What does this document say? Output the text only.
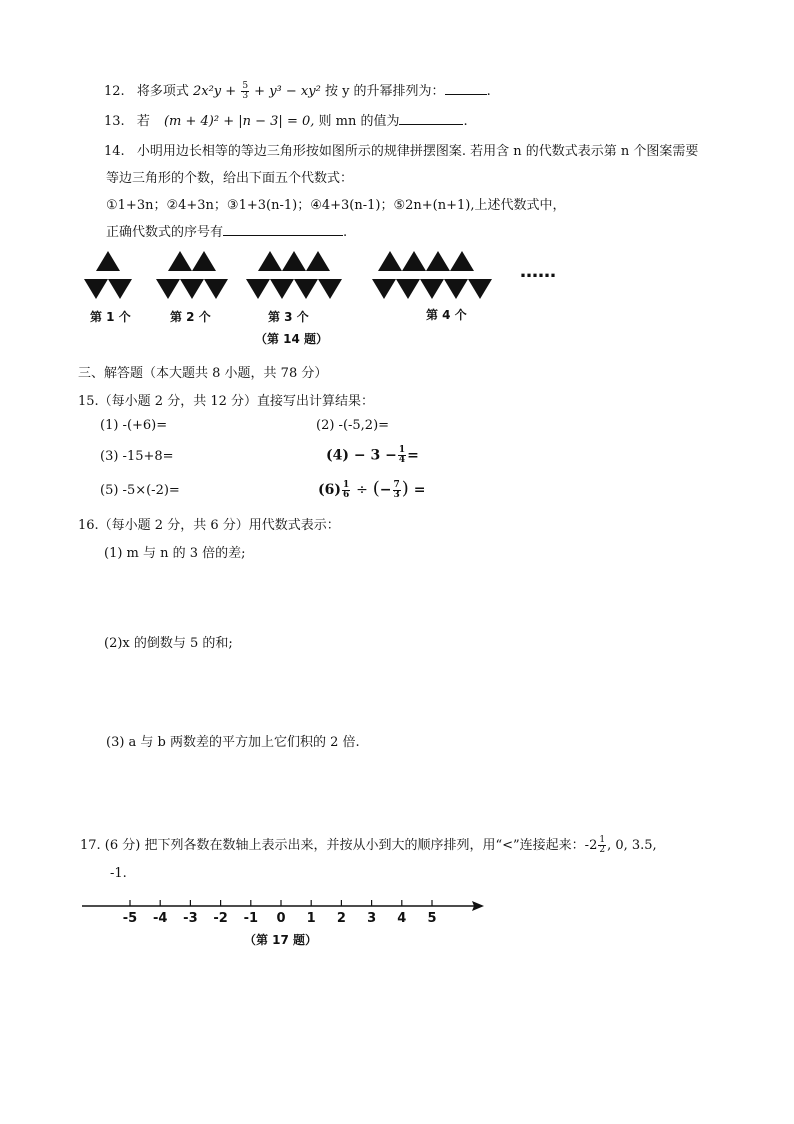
12. 将多项式 $2x^2y + \frac{5}{3} + y^3 - xy^2$ 按 y 的升幂排列为：	.
13. 若 (m + 4)² + |n − 3| = 0, 则 mn 的值为	.
14. 小明用边长相等的等边三角形按如图所示的规律拼摆图案. 若用含 n 的代数式表示第 n 个图案需要
等边三角形的个数，给出下面五个代数式：
①1+3n；②4+3n；③1+3(n-1)；④4+3(n-1)；⑤2n+(n+1),上述代数式中，
正确代数式的序号有	.
……
第 1 个	第 2 个	第 3 个	第 4 个
（第 14 题）
三、解答题（本大题共 8 小题，共 78 分）
15.（每小题 2 分，共 12 分）直接写出计算结果：
(1) -(+6)=	(2) -(-5,2)=
(3) -15+8=	$(4) - 3 - \frac{1}{4}$ =
(5) -5×(-2)=	$(6) \frac{1}{6}$ ÷ (− $\frac{7}{3}$ ) =
16.（每小题 2 分，共 6 分）用代数式表示：
(1) m 与 n 的 3 倍的差;
(2)x 的倒数与 5 的和;
(3) a 与 b 两数差的平方加上它们积的 2 倍.
17. (6 分) 把下列各数在数轴上表示出来，并按从小到大的顺序排列，用“<”连接起来：$-2 \frac{1}{2}$ , 0, 3.5,
-1.
-5 -4 -3 -2 -1 0 1 2 3 4 5
（第 17 题）
